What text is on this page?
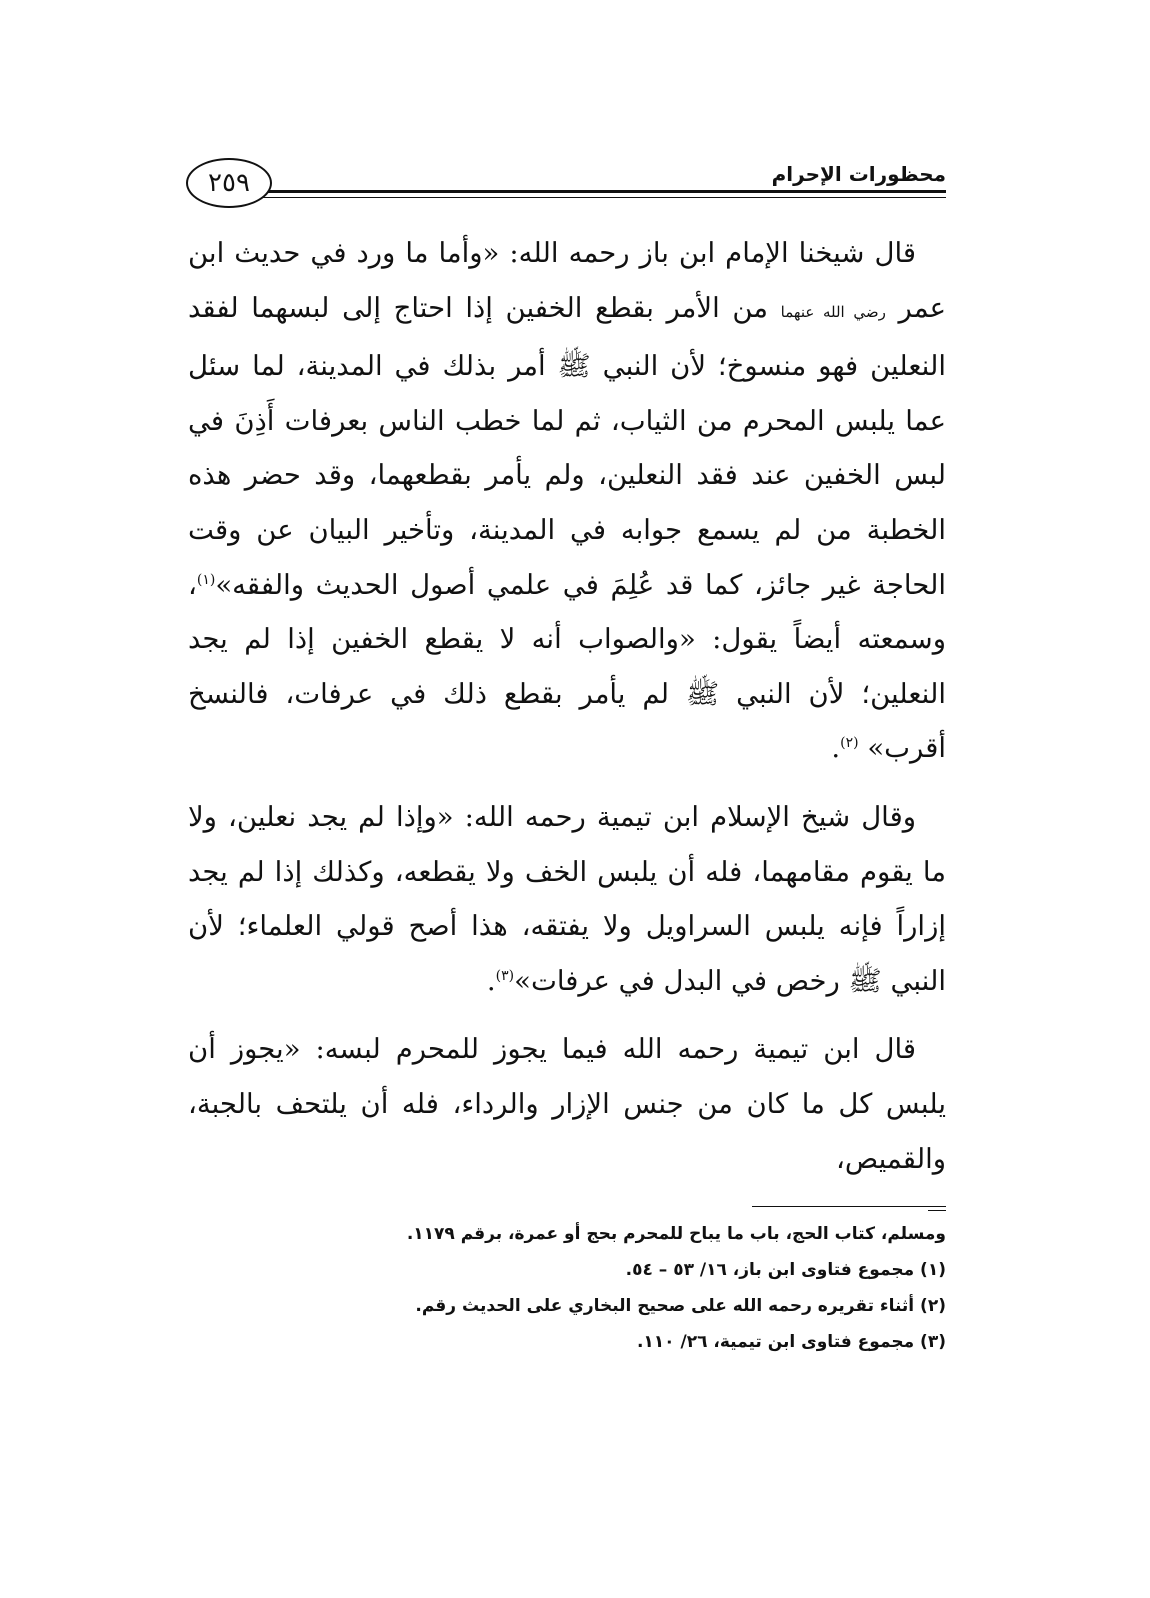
٢٥٩	محظورات الإحرام

قال شيخنا الإمام ابن باز رحمه الله: «وأما ما ورد في حديث ابن عمر رضي الله عنهما من الأمر بقطع الخفين إذا احتاج إلى لبسهما لفقد النعلين فهو منسوخ؛ لأن النبي ﷺ أمر بذلك في المدينة، لما سئل عما يلبس المحرم من الثياب، ثم لما خطب الناس بعرفات أَذِنَ في لبس الخفين عند فقد النعلين، ولم يأمر بقطعهما، وقد حضر هذه الخطبة من لم يسمع جوابه في المدينة، وتأخير البيان عن وقت الحاجة غير جائز، كما قد عُلِمَ في علمي أصول الحديث والفقه»$^{(١)}$، وسمعته أيضاً يقول: «والصواب أنه لا يقطع الخفين إذا لم يجد النعلين؛ لأن النبي ﷺ لم يأمر بقطع ذلك في عرفات، فالنسخ أقرب» $^{(٢)}$.

وقال شيخ الإسلام ابن تيمية رحمه الله: «وإذا لم يجد نعلين، ولا ما يقوم مقامهما، فله أن يلبس الخف ولا يقطعه، وكذلك إذا لم يجد إزاراً فإنه يلبس السراويل ولا يفتقه، هذا أصح قولي العلماء؛ لأن النبي ﷺ رخص في البدل في عرفات»$^{(٣)}$.

قال ابن تيمية رحمه الله فيما يجوز للمحرم لبسه: «يجوز أن يلبس كل ما كان من جنس الإزار والرداء، فله أن يلتحف بالجبة، والقميص،

ومسلم، كتاب الحج، باب ما يباح للمحرم بحج أو عمرة، برقم ١١٧٩.

(١) مجموع فتاوى ابن باز، ١٦/ ٥٣ – ٥٤.

(٢) أثناء تقريره رحمه الله على صحيح البخاري على الحديث رقم.

(٣) مجموع فتاوى ابن تيمية، ٢٦/ ١١٠.
